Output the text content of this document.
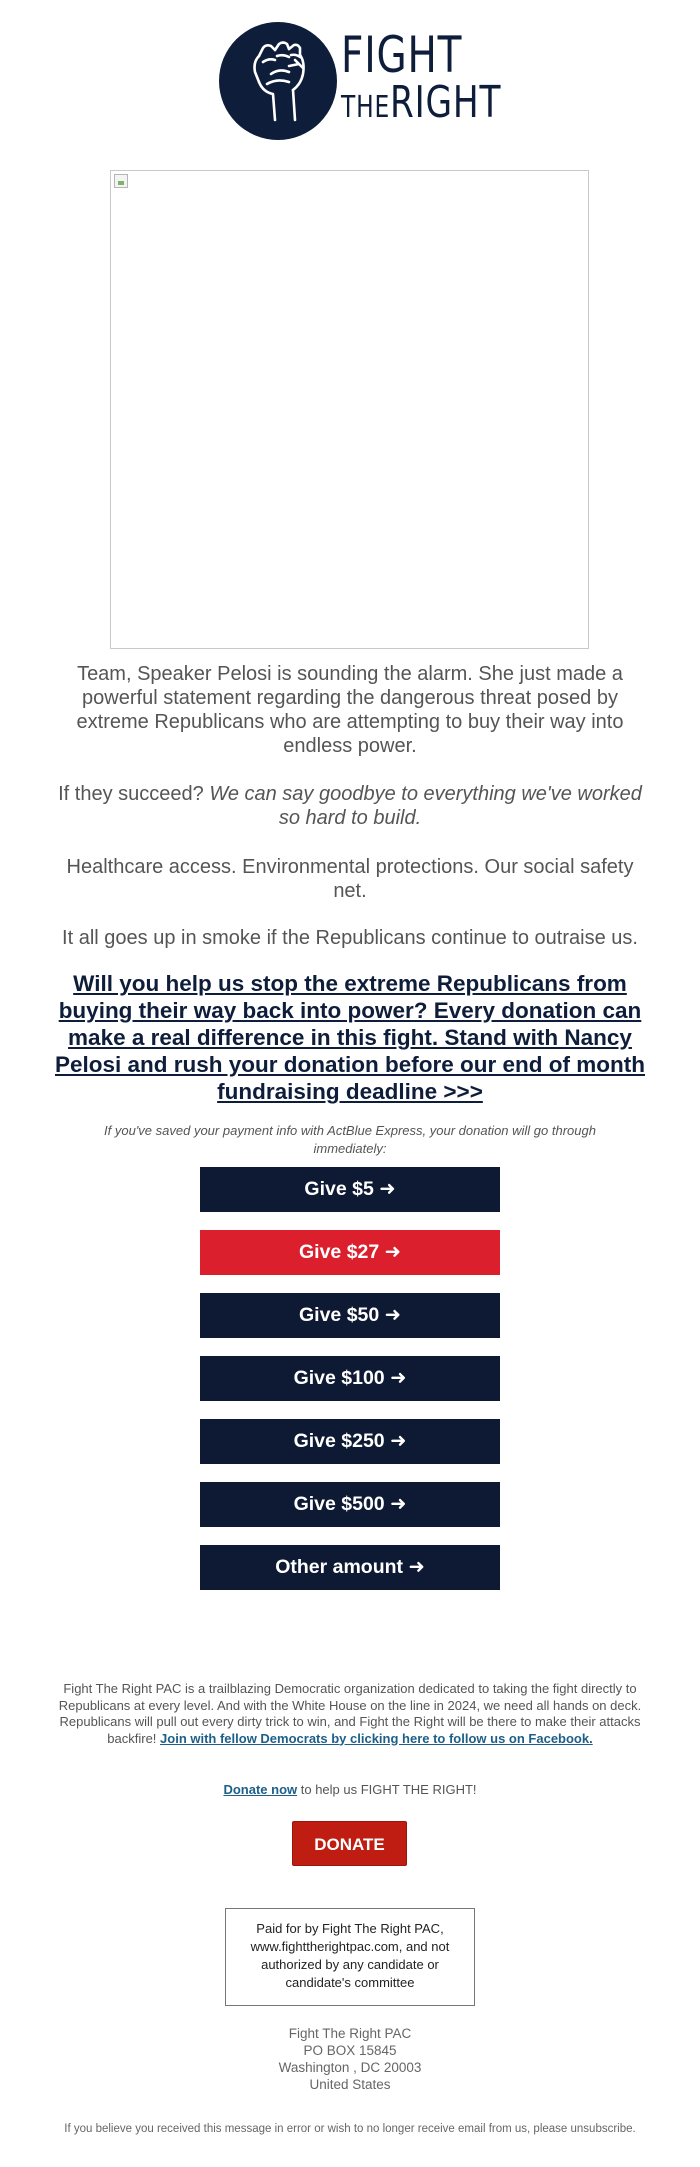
FIGHT
THERIGHT
Team, Speaker Pelosi is sounding the alarm. She just made a powerful statement regarding the dangerous threat posed by extreme Republicans who are attempting to buy their way into endless power.
If they succeed? We can say goodbye to everything we've worked so hard to build.
Healthcare access. Environmental protections. Our social safety net.
It all goes up in smoke if the Republicans continue to outraise us.
Will you help us stop the extreme Republicans from buying their way back into power? Every donation can make a real difference in this fight. Stand with Nancy Pelosi and rush your donation before our end of month fundraising deadline >>>
If you've saved your payment info with ActBlue Express, your donation will go through immediately:
Give $5 ➜
Give $27 ➜
Give $50 ➜
Give $100 ➜
Give $250 ➜
Give $500 ➜
Other amount ➜
Fight The Right PAC is a trailblazing Democratic organization dedicated to taking the fight directly to Republicans at every level. And with the White House on the line in 2024, we need all hands on deck. Republicans will pull out every dirty trick to win, and Fight the Right will be there to make their attacks backfire! Join with fellow Democrats by clicking here to follow us on Facebook.
Donate now to help us FIGHT THE RIGHT!
DONATE
Paid for by Fight The Right PAC, www.fighttherightpac.com, and not authorized by any candidate or candidate's committee
Fight The Right PAC
PO BOX 15845
Washington , DC 20003
United States
If you believe you received this message in error or wish to no longer receive email from us, please unsubscribe.
